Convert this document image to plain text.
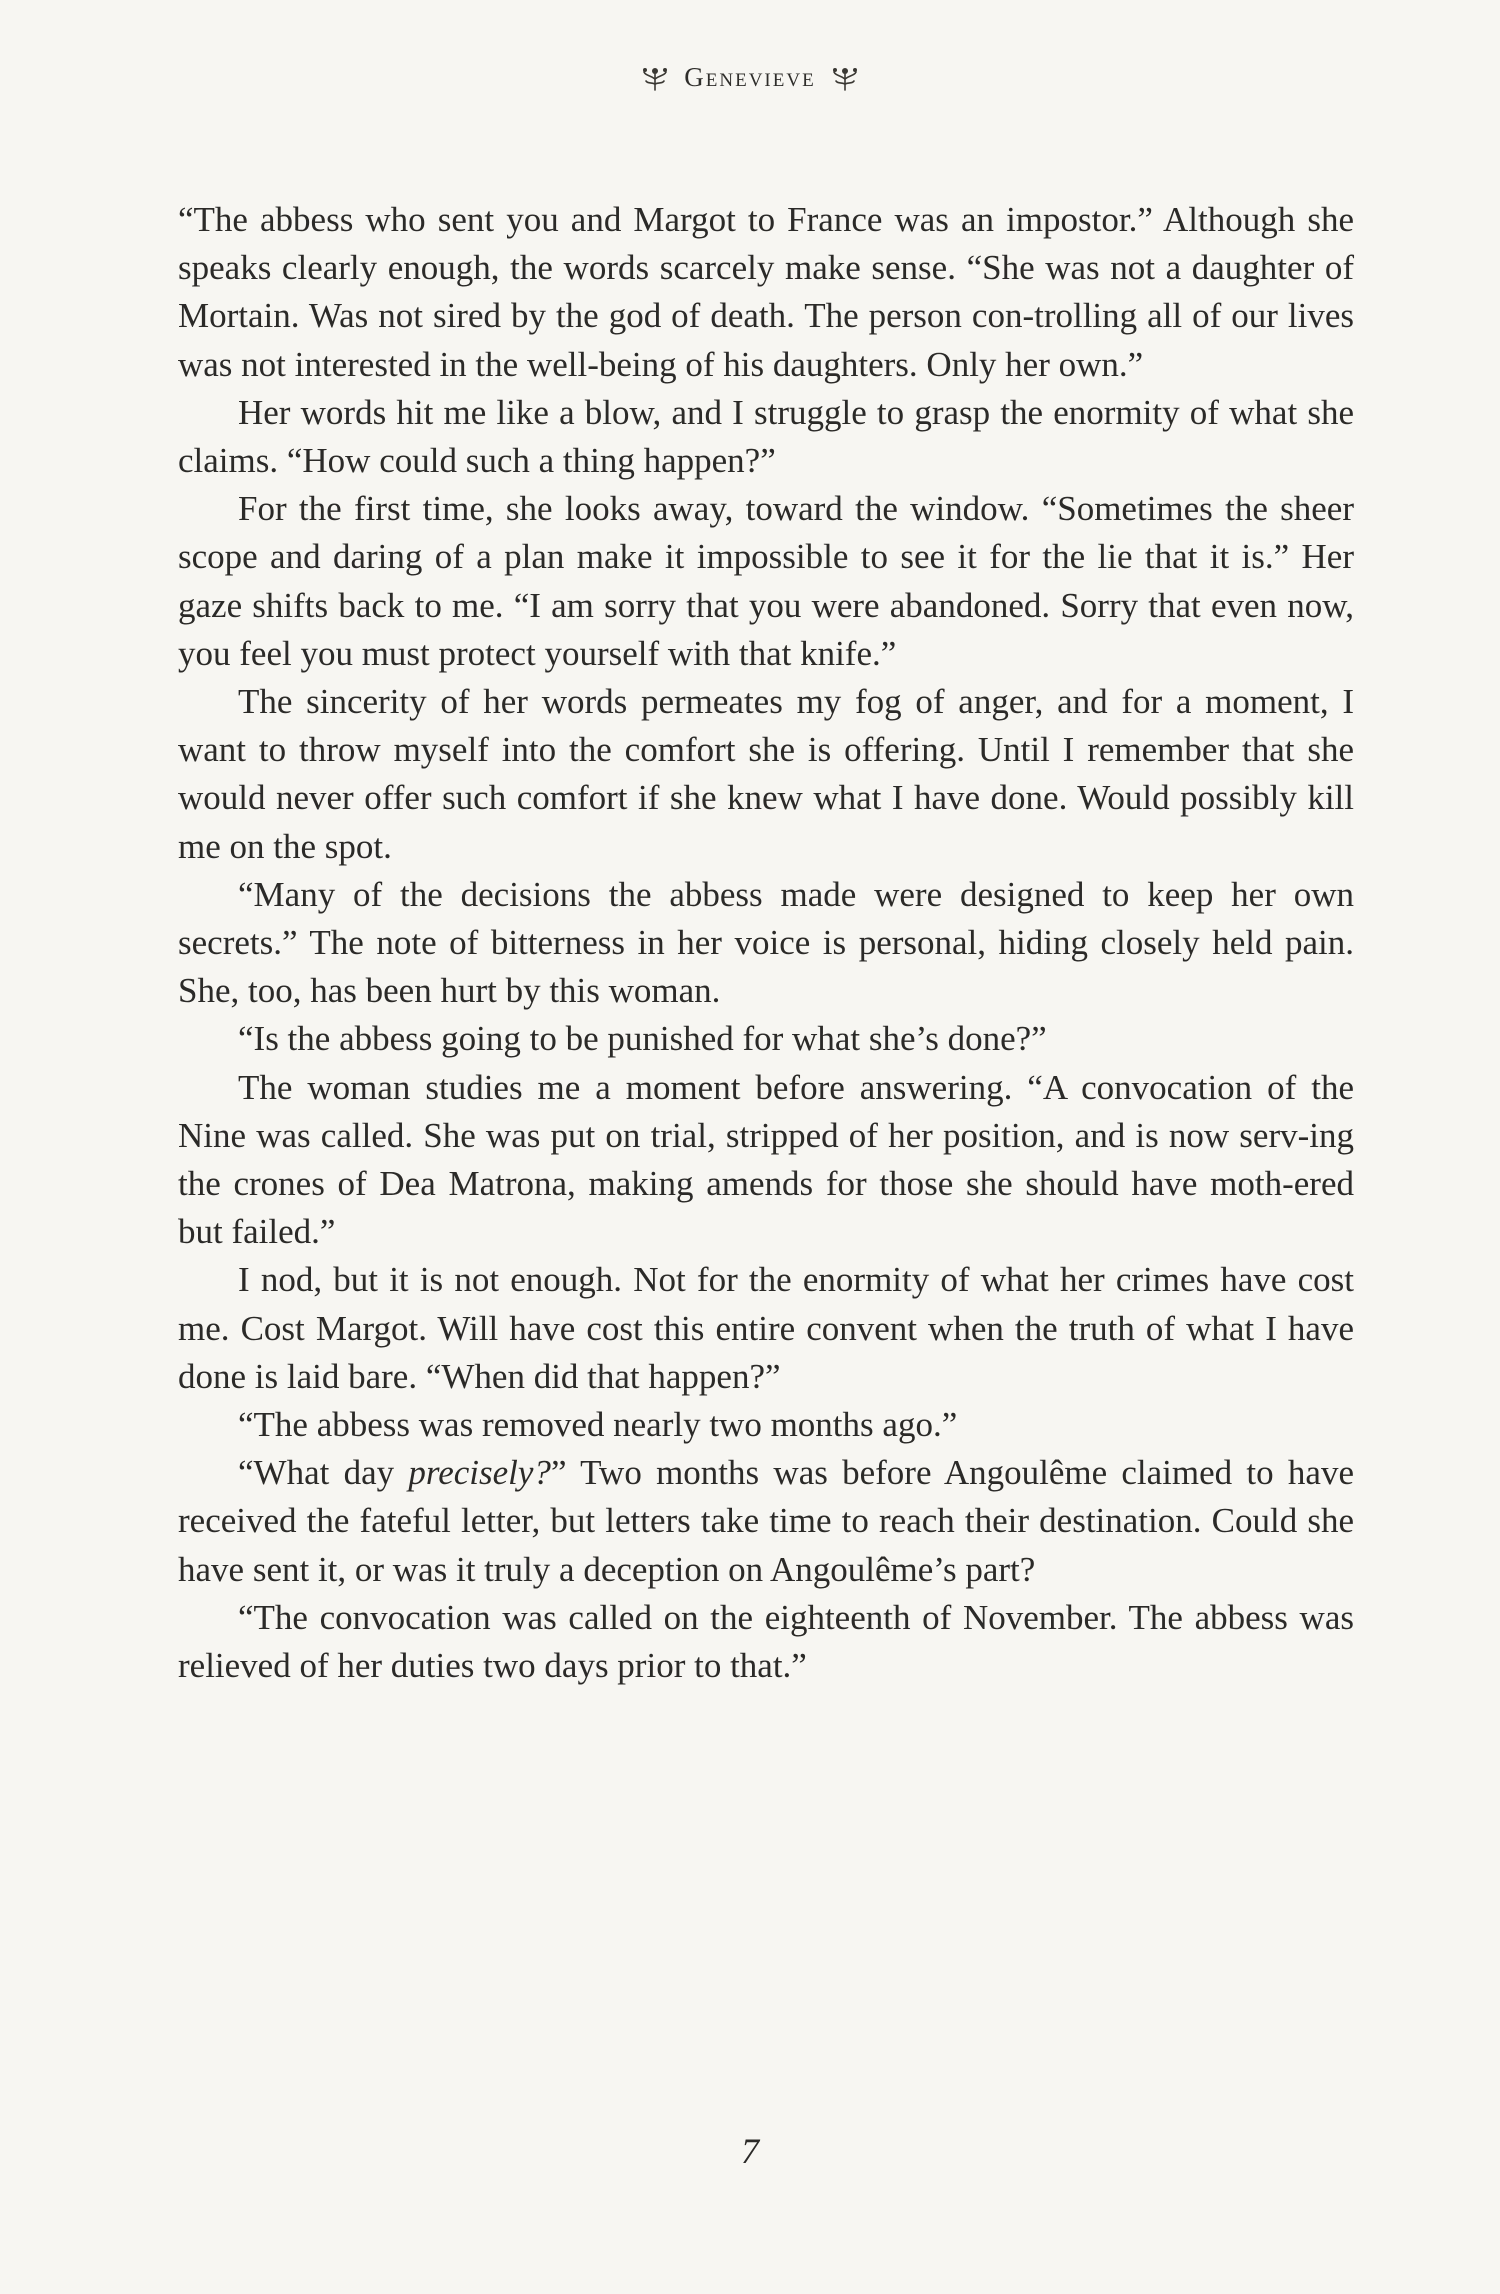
Genevieve

“The abbess who sent you and Margot to France was an impostor.” Although she speaks clearly enough, the words scarcely make sense. “She was not a daughter of Mortain. Was not sired by the god of death. The person con-trolling all of our lives was not interested in the well-being of his daughters. Only her own.”

Her words hit me like a blow, and I struggle to grasp the enormity of what she claims. “How could such a thing happen?”

For the first time, she looks away, toward the window. “Sometimes the sheer scope and daring of a plan make it impossible to see it for the lie that it is.” Her gaze shifts back to me. “I am sorry that you were abandoned. Sorry that even now, you feel you must protect yourself with that knife.”

The sincerity of her words permeates my fog of anger, and for a moment, I want to throw myself into the comfort she is offering. Until I remember that she would never offer such comfort if she knew what I have done. Would possibly kill me on the spot.

“Many of the decisions the abbess made were designed to keep her own secrets.” The note of bitterness in her voice is personal, hiding closely held pain. She, too, has been hurt by this woman.

“Is the abbess going to be punished for what she’s done?”

The woman studies me a moment before answering. “A convocation of the Nine was called. She was put on trial, stripped of her position, and is now serv-ing the crones of Dea Matrona, making amends for those she should have moth-ered but failed.”

I nod, but it is not enough. Not for the enormity of what her crimes have cost me. Cost Margot. Will have cost this entire convent when the truth of what I have done is laid bare. “When did that happen?”

“The abbess was removed nearly two months ago.”

“What day precisely?” Two months was before Angoulême claimed to have received the fateful letter, but letters take time to reach their destination. Could she have sent it, or was it truly a deception on Angoulême’s part?

“The convocation was called on the eighteenth of November. The abbess was relieved of her duties two days prior to that.”

7
